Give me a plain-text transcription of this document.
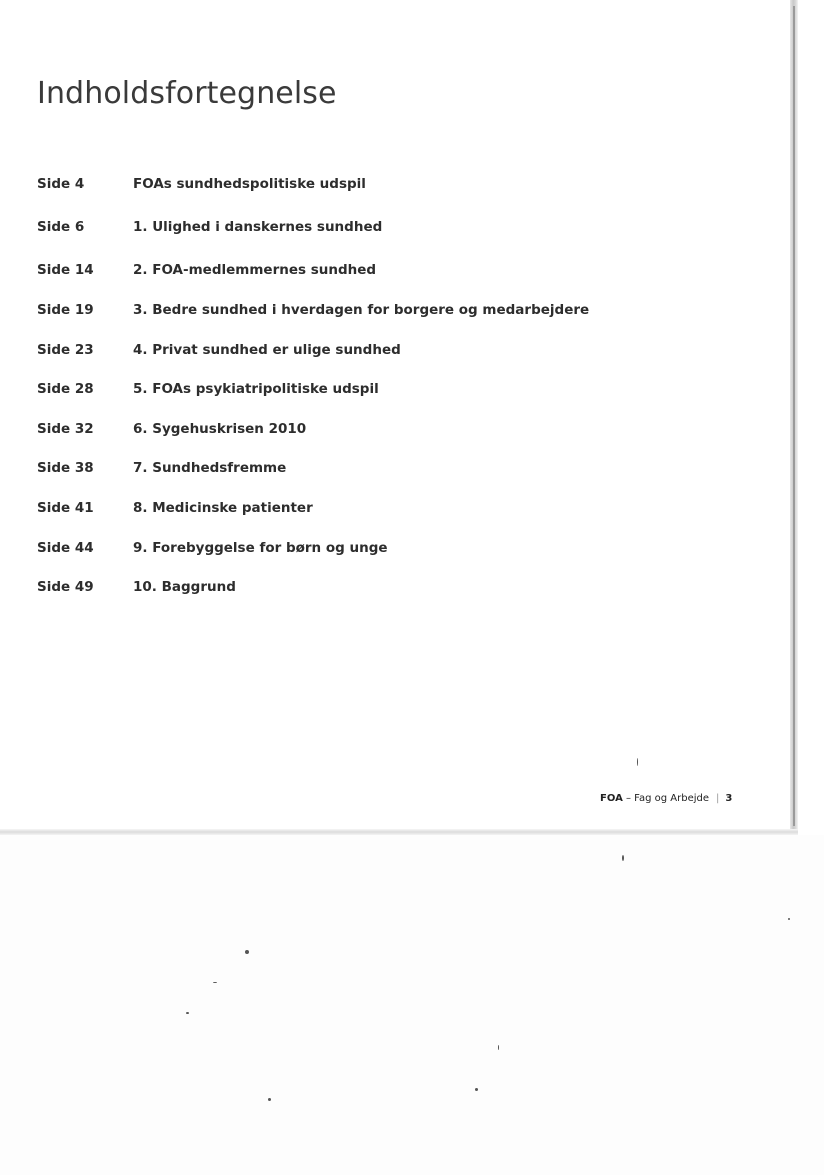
Indholdsfortegnelse
Side 4	FOAs sundhedspolitiske udspil
Side 6	1. Ulighed i danskernes sundhed
Side 14	2. FOA-medlemmernes sundhed
Side 19	3. Bedre sundhed i hverdagen for borgere og medarbejdere
Side 23	4. Privat sundhed er ulige sundhed
Side 28	5. FOAs psykiatripolitiske udspil
Side 32	6. Sygehuskrisen 2010
Side 38	7. Sundhedsfremme
Side 41	8. Medicinske patienter
Side 44	9. Forebyggelse for børn og unge
Side 49	10. Baggrund
FOA – Fag og Arbejde | 3
